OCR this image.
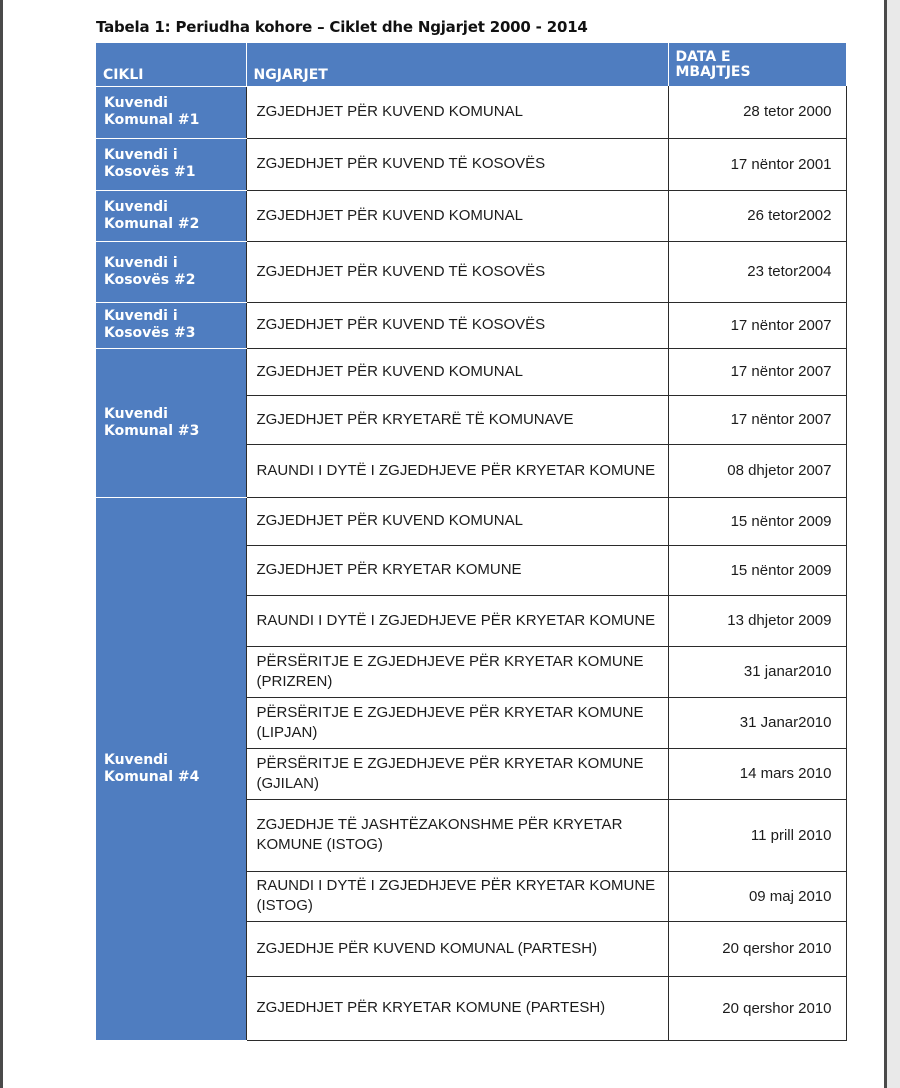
Tabela 1: Periudha kohore – Ciklet dhe Ngjarjet 2000 - 2014
CIKLI	NGJARJET	DATA E
MBAJTJES

Kuvendi Komunal #1	ZGJEDHJET PËR KUVEND KOMUNAL	28 tetor 2000
Kuvendi i Kosovës #1	ZGJEDHJET PËR KUVEND TË KOSOVËS	17 nëntor 2001
Kuvendi Komunal #2	ZGJEDHJET PËR KUVEND KOMUNAL	26 tetor2002
Kuvendi i Kosovës #2	ZGJEDHJET PËR KUVEND TË KOSOVËS	23 tetor2004
Kuvendi i Kosovës #3	ZGJEDHJET PËR KUVEND TË KOSOVËS	17 nëntor 2007
Kuvendi Komunal #3	ZGJEDHJET PËR KUVEND KOMUNAL	17 nëntor 2007
	ZGJEDHJET PËR KRYETARË TË KOMUNAVE	17 nëntor 2007
	RAUNDI I DYTË I ZGJEDHJEVE PËR KRYETAR KOMUNE	08 dhjetor 2007
Kuvendi Komunal #4	ZGJEDHJET PËR KUVEND KOMUNAL	15 nëntor 2009
	ZGJEDHJET PËR KRYETAR KOMUNE	15 nëntor 2009
	RAUNDI I DYTË I ZGJEDHJEVE PËR KRYETAR KOMUNE	13 dhjetor 2009
	PËRSËRITJE E ZGJEDHJEVE PËR KRYETAR KOMUNE (PRIZREN)	31 janar2010
	PËRSËRITJE E ZGJEDHJEVE PËR KRYETAR KOMUNE (LIPJAN)	31 Janar2010
	PËRSËRITJE E ZGJEDHJEVE PËR KRYETAR KOMUNE (GJILAN)	14 mars 2010
	ZGJEDHJE TË JASHTËZAKONSHME PËR KRYETAR KOMUNE (ISTOG)	11 prill 2010
	RAUNDI I DYTË I ZGJEDHJEVE PËR KRYETAR KOMUNE (ISTOG)	09 maj 2010
	ZGJEDHJE PËR KUVEND KOMUNAL (PARTESH)	20 qershor 2010
	ZGJEDHJET PËR KRYETAR KOMUNE (PARTESH)	20 qershor 2010
